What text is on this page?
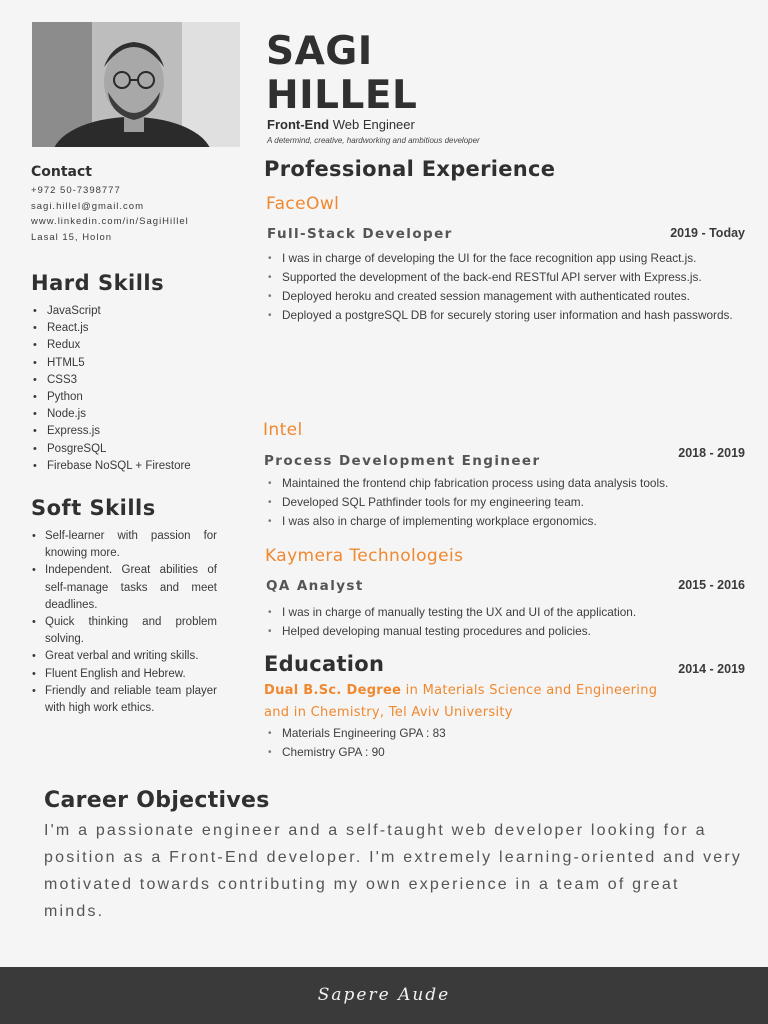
SAGI
HILLEL
Front-End Web Engineer
A determind, creative, hardworking and ambitious developer
Contact
+972 50-7398777
sagi.hillel@gmail.com
www.linkedin.com/in/SagiHillel
Lasal 15, Holon
Hard Skills
• JavaScript
• React.js
• Redux
• HTML5
• CSS3
• Python
• Node.js
• Express.js
• PosgreSQL
• Firebase NoSQL + Firestore
Soft Skills
• Self-learner with passion for knowing more.
• Independent. Great abilities of self-manage tasks and meet deadlines.
• Quick thinking and problem solving.
• Great verbal and writing skills.
• Fluent English and Hebrew.
• Friendly and reliable team player with high work ethics.
Professional Experience
FaceOwl
Full-Stack Developer	2019 - Today
• I was in charge of developing the UI for the face recognition app using React.js.
• Supported the development of the back-end RESTful API server with Express.js.
• Deployed heroku and created session management with authenticated routes.
• Deployed a postgreSQL DB for securely storing user information and hash passwords.
Intel
2018 - 2019
Process Development Engineer
• Maintained the frontend chip fabrication process using data analysis tools.
• Developed SQL Pathfinder tools for my engineering team.
• I was also in charge of implementing workplace ergonomics.
Kaymera Technologeis
QA Analyst	2015 - 2016
• I was in charge of manually testing the UX and UI of the application.
• Helped developing manual testing procedures and policies.
Education	2014 - 2019
Dual B.Sc. Degree in Materials Science and Engineering and in Chemistry, Tel Aviv University
• Materials Engineering GPA : 83
• Chemistry GPA : 90
Career Objectives
I'm a passionate engineer and a self-taught web developer looking for a position as a Front-End developer. I'm extremely learning-oriented and very motivated towards contributing my own experience in a team of great minds.
Sapere Aude
